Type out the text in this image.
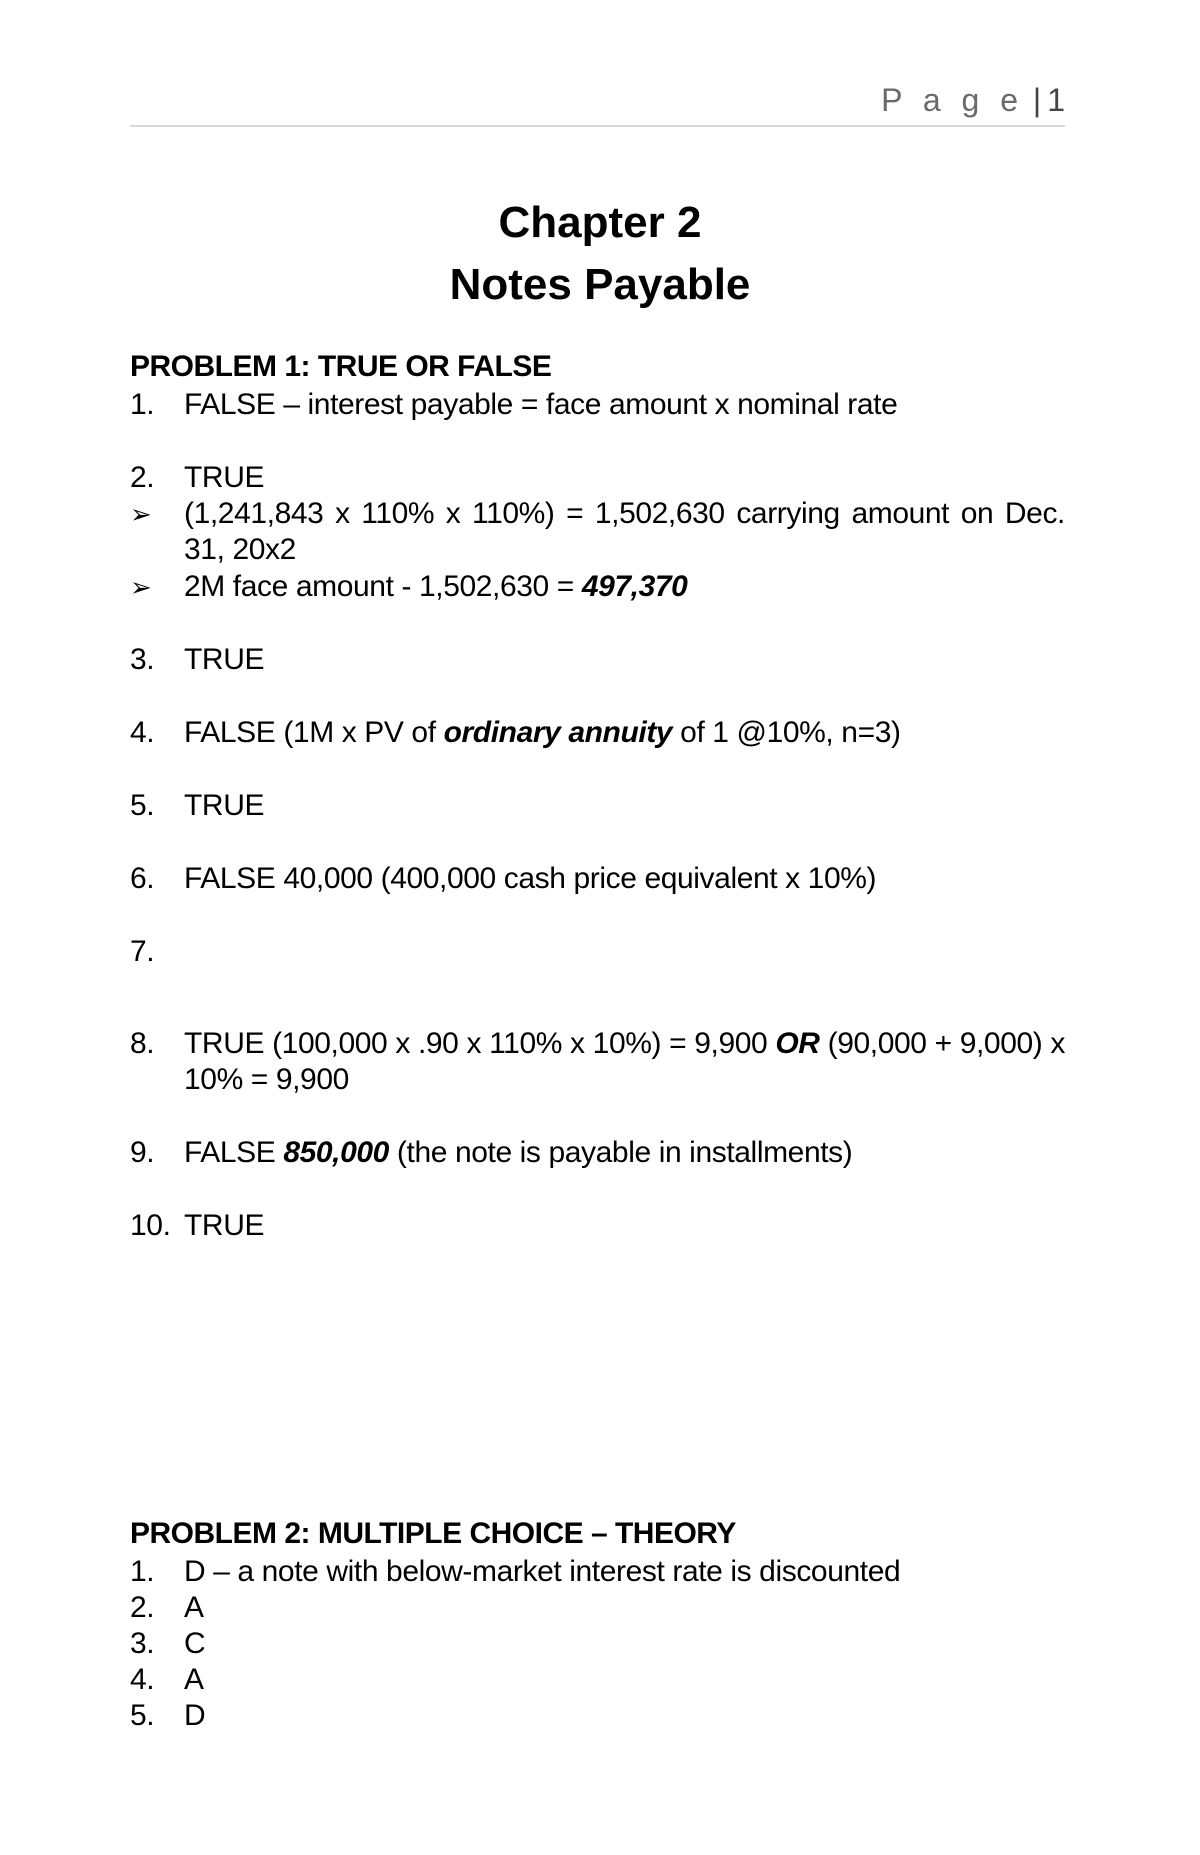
P a g e | 1
Chapter 2
Notes Payable
PROBLEM 1: TRUE OR FALSE
1. FALSE – interest payable = face amount x nominal rate
2. TRUE
➢ (1,241,843 x 110% x 110%) = 1,502,630 carrying amount on Dec. 31, 20x2
➢ 2M face amount - 1,502,630 = 497,370
3. TRUE
4. FALSE (1M x PV of ordinary annuity of 1 @10%, n=3)
5. TRUE
6. FALSE 40,000 (400,000 cash price equivalent x 10%)
7.
8. TRUE (100,000 x .90 x 110% x 10%) = 9,900 OR (90,000 + 9,000) x 10% = 9,900
9. FALSE 850,000 (the note is payable in installments)
10. TRUE
PROBLEM 2: MULTIPLE CHOICE – THEORY
1. D – a note with below-market interest rate is discounted
2. A
3. C
4. A
5. D
